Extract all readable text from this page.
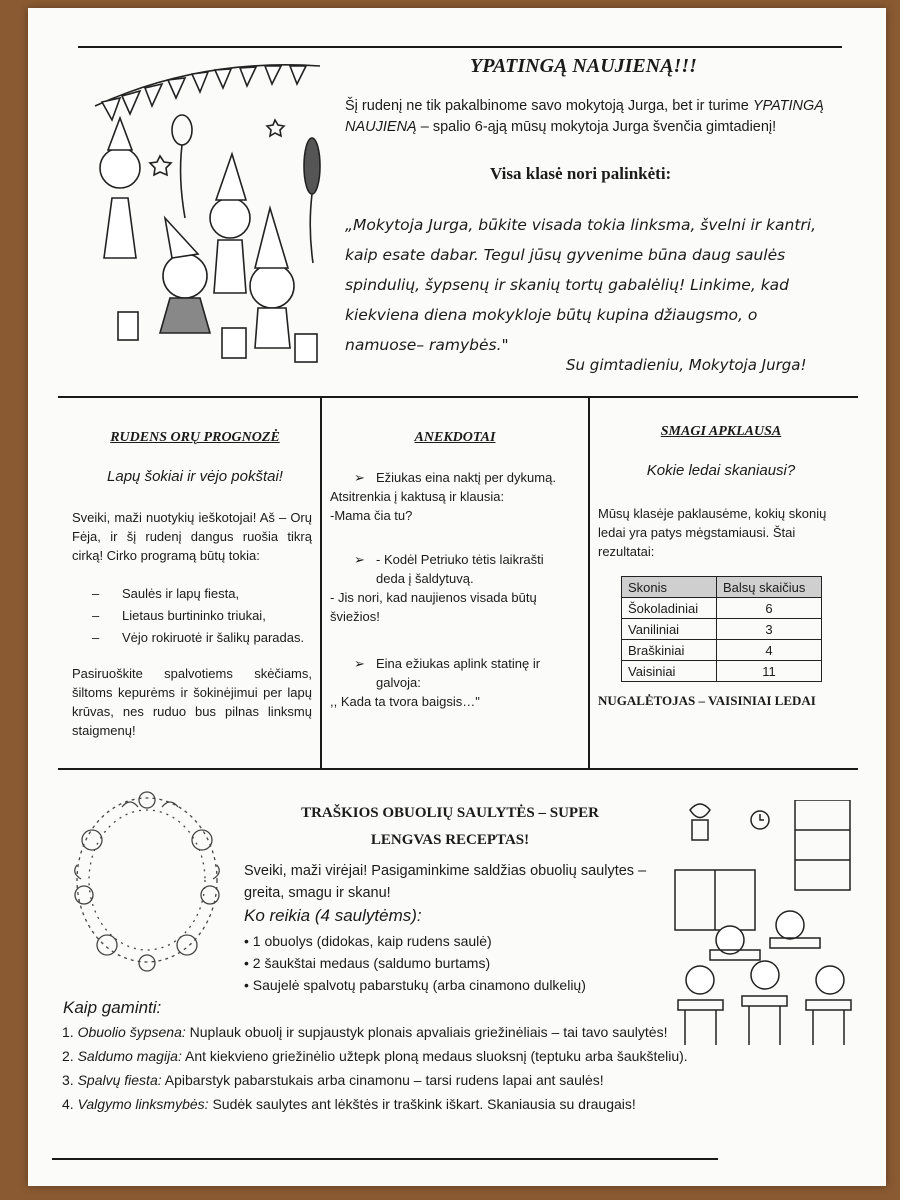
YPATINGĄ NAUJIENĄ!!!
Šį rudenį ne tik pakalbinome savo mokytoją Jurga, bet ir turime YPATINGĄ NAUJIENĄ – spalio 6-ąją mūsų mokytoja Jurga švenčia gimtadienį!
Visa klasė nori palinkėti:
„Mokytoja Jurga, būkite visada tokia linksma, švelni ir kantri, kaip esate dabar. Tegul jūsų gyvenime būna daug saulės spindulių, šypsenų ir skanių tortų gabalėlių! Linkime, kad kiekviena diena mokykloje būtų kupina džiaugsmo, o namuose– ramybės."
Su gimtadieniu, Mokytoja Jurga!
RUDENS ORŲ PROGNOZĖ
Lapų šokiai ir vėjo pokštai!
Sveiki, maži nuotykių ieškotojai! Aš – Orų Fėja, ir šį rudenį dangus ruošia tikrą cirką! Cirko programą būtų tokia:
– Saulės ir lapų fiesta,
– Lietaus burtininko triukai,
– Vėjo rokiruotė ir šalikų paradas.
Pasiruoškite spalvotiems skėčiams, šiltoms kepurėms ir šokinėjimui per lapų krūvas, nes ruduo bus pilnas linksmų staigmenų!
ANEKDOTAI
➢ Ežiukas eina naktį per dykumą.
Atsitrenkia į kaktusą ir klausia:
-Mama čia tu?
➢ - Kodėl Petriuko tėtis laikrašti
deda į šaldytuvą.
- Jis nori, kad naujienos visada būtų šviežios!
➢ Eina ežiukas aplink statinę ir
galvoja:
,, Kada ta tvora baigsis…"
SMAGI APKLAUSA
Kokie ledai skaniausi?
Mūsų klasėje paklausėme, kokių skonių ledai yra patys mėgstamiausi. Štai rezultatai:
Skonis	Balsų skaičius
Šokoladiniai	6
Vaniliniai	3
Braškiniai	4
Vaisiniai	11
NUGALĖTOJAS – VAISINIAI LEDAI
TRAŠKIOS OBUOLIŲ SAULYTĖS – SUPER
LENGVAS RECEPTAS!
Sveiki, maži virėjai! Pasigaminkime saldžias obuolių saulytes – greita, smagu ir skanu!
Ko reikia (4 saulytėms):
• 1 obuolys (didokas, kaip rudens saulė)
• 2 šaukštai medaus (saldumo burtams)
• Saujelė spalvotų pabarstukų (arba cinamono dulkelių)
Kaip gaminti:
1. Obuolio šypsena: Nuplauk obuolį ir supjaustyk plonais apvaliais griežinėliais – tai tavo saulytės!
2. Saldumo magija: Ant kiekvieno griežinėlio užtepk ploną medaus sluoksnį (teptuku arba šaukšteliu).
3. Spalvų fiesta: Apibarstyk pabarstukais arba cinamonu – tarsi rudens lapai ant saulės!
4. Valgymo linksmybės: Sudėk saulytes ant lėkštės ir traškink iškart. Skaniausia su draugais!
